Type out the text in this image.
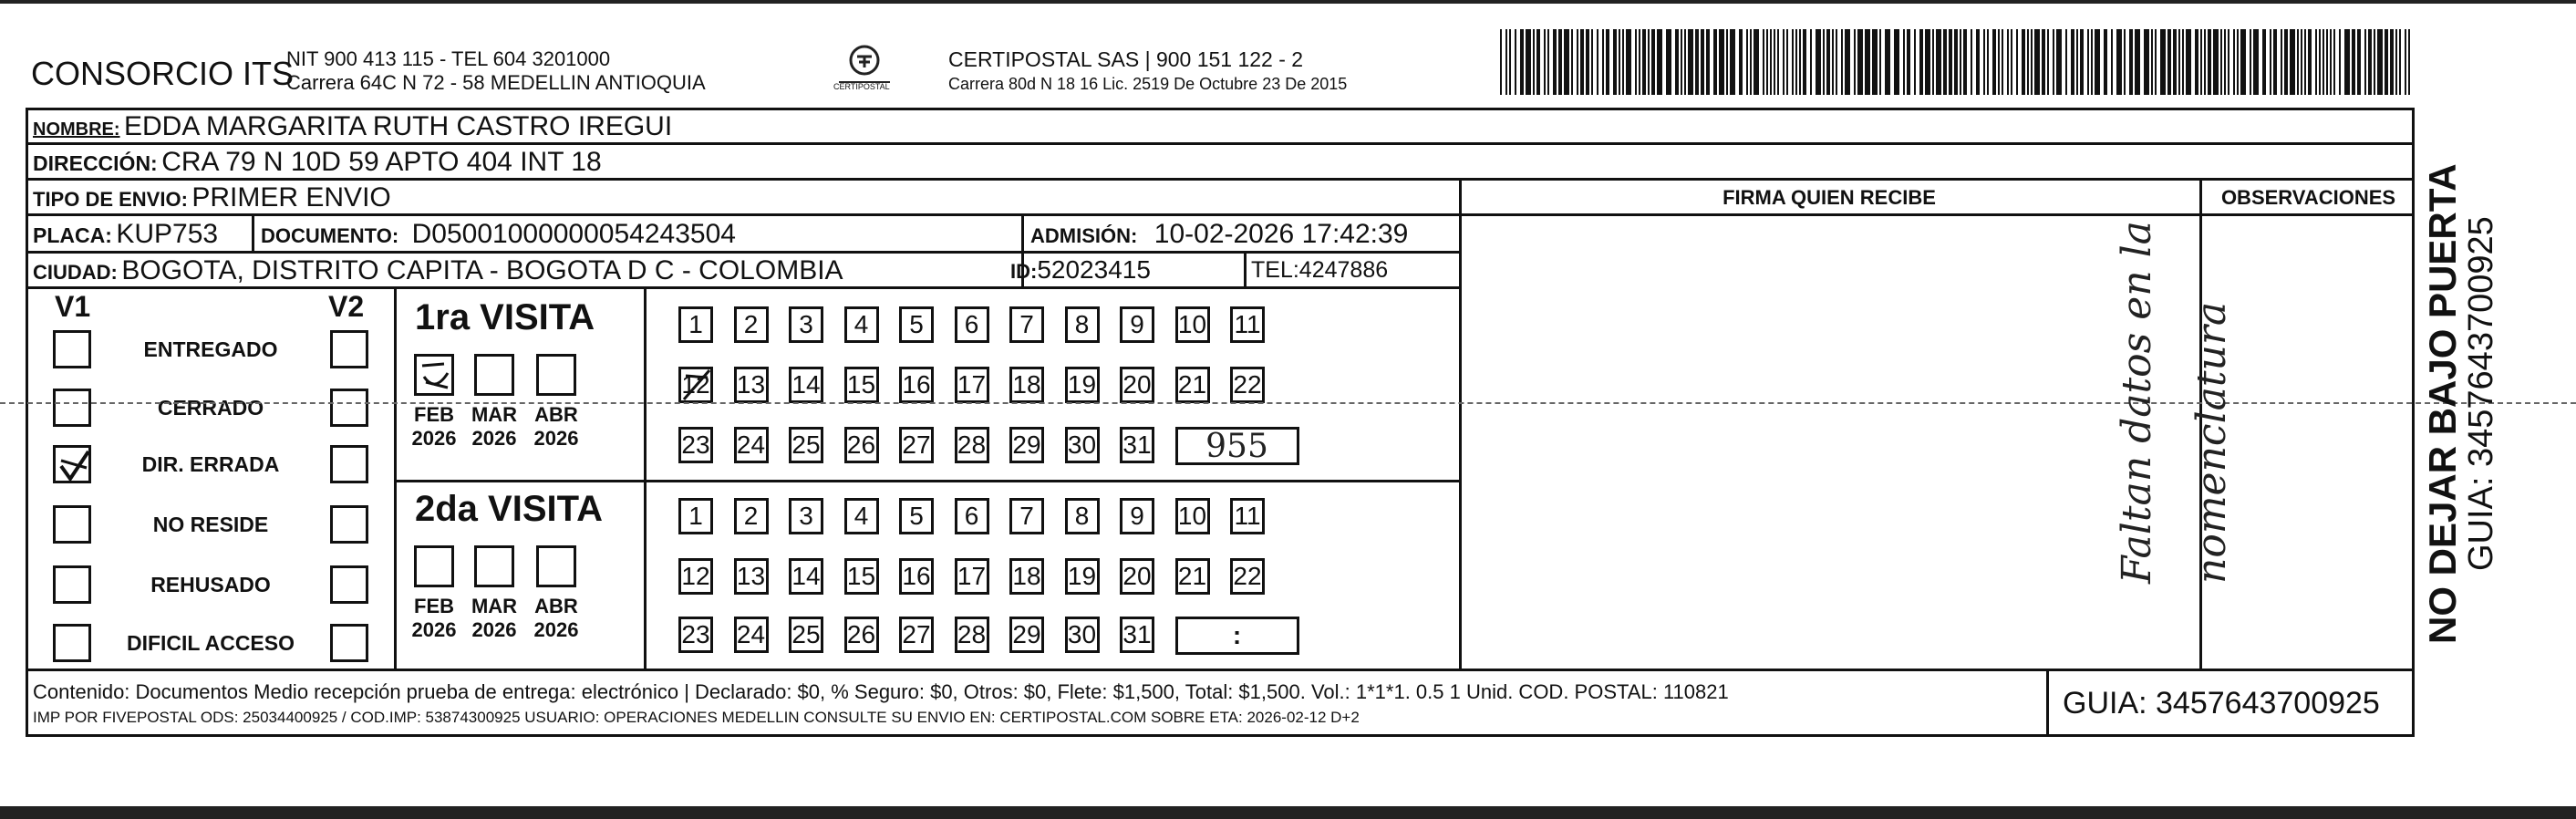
CONSORCIO ITS
NIT 900 413 115 - TEL 604 3201000
Carrera 64C N 72 - 58 MEDELLIN ANTIOQUIA	CERTIPOSTAL
CERTIPOSTAL SAS | 900 151 122 - 2
Carrera 80d N 18 16 Lic. 2519 De Octubre 23 De 2015
NOMBRE: EDDA MARGARITA RUTH CASTRO IREGUI
DIRECCIÓN: CRA 79 N 10D 59 APTO 404 INT 18
TIPO DE ENVIO: PRIMER ENVIO	FIRMA QUIEN RECIBE	OBSERVACIONES
PLACA: KUP753 DOCUMENTO: D05001000000054243504	ADMISIÓN: 10-02-2026 17:42:39
CIUDAD: BOGOTA, DISTRITO CAPITA - BOGOTA D C - COLOMBIA	ID:52023415	TEL:4247886
V1	V2
ENTREGADO
CERRADO
DIR. ERRADA
NO RESIDE
REHUSADO
DIFICIL ACCESO
1ra VISITA
2da VISITA
FEB
2026
MAR
2026
ABR
2026
FEB
2026
MAR
2026
ABR
2026
1	2	3	4	5	6	7	8	9	10 11
12 13 14 15 16 17 18 19 20 21 22
23 24 25 26 27 28 29 30 31 955
1	2	3	4	5	6	7	8	9	10 11
12 13 14 15 16 17 18 19 20 21 22
23 24 25 26 27 28 29 30 31	:
Faltan datos en la nomenclatura	NO DEJAR BAJO PUERTA
GUIA: 3457643700925
Contenido: Documentos Medio recepción prueba de entrega: electrónico | Declarado: $0, % Seguro: $0, Otros: $0, Flete: $1,500, Total: $1,500. Vol.: 1*1*1. 0.5 1 Unid. COD. POSTAL: 110821
IMP POR FIVEPOSTAL ODS: 25034400925 / COD.IMP: 53874300925 USUARIO: OPERACIONES MEDELLIN CONSULTE SU ENVIO EN: CERTIPOSTAL.COM SOBRE ETA: 2026-02-12 D+2	GUIA: 3457643700925
